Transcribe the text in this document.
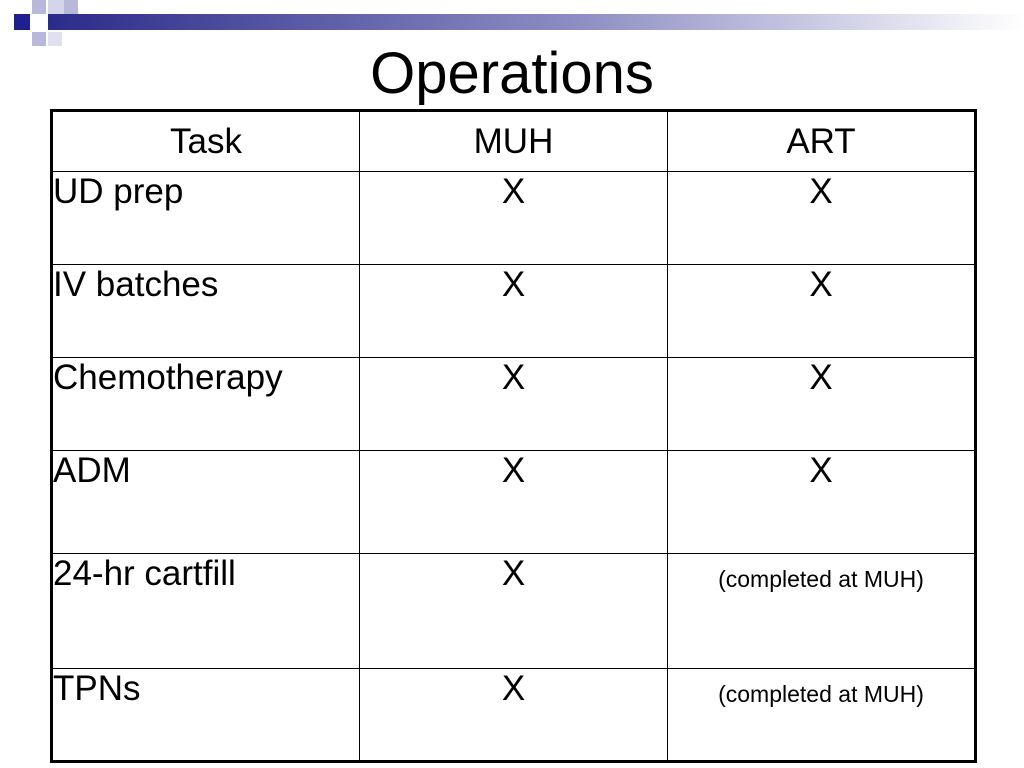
Operations
Task	MUH	ART
UD prep	X	X
IV batches	X	X
Chemotherapy	X	X
ADM	X	X
24-hr cartfill	X	(completed at MUH)
TPNs	X	(completed at MUH)
